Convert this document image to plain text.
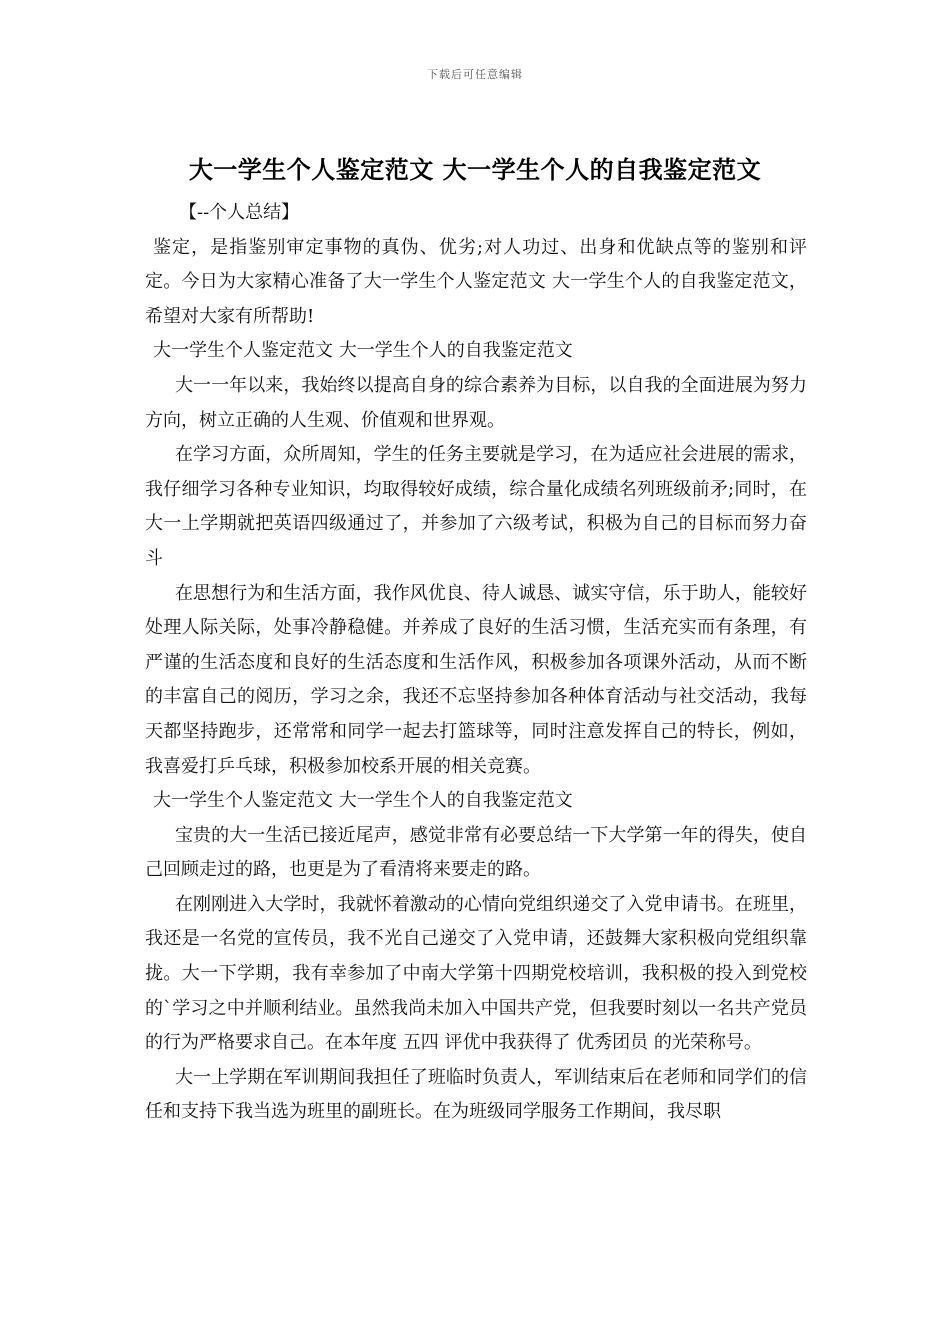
下载后可任意编辑
大一学生个人鉴定范文 大一学生个人的自我鉴定范文

【--个人总结】

鉴定，是指鉴别审定事物的真伪、优劣;对人功过、出身和优缺点等的鉴别和评定。今日为大家精心准备了大一学生个人鉴定范文 大一学生个人的自我鉴定范文，希望对大家有所帮助!

大一学生个人鉴定范文 大一学生个人的自我鉴定范文

大一一年以来，我始终以提高自身的综合素养为目标，以自我的全面进展为努力方向，树立正确的人生观、价值观和世界观。

在学习方面，众所周知，学生的任务主要就是学习，在为适应社会进展的需求，我仔细学习各种专业知识，均取得较好成绩，综合量化成绩名列班级前矛;同时，在大一上学期就把英语四级通过了，并参加了六级考试，积极为自己的目标而努力奋斗

在思想行为和生活方面，我作风优良、待人诚恳、诚实守信，乐于助人，能较好处理人际关际，处事冷静稳健。并养成了良好的生活习惯，生活充实而有条理，有严谨的生活态度和良好的生活态度和生活作风，积极参加各项课外活动，从而不断的丰富自己的阅历，学习之余，我还不忘坚持参加各种体育活动与社交活动，我每天都坚持跑步，还常常和同学一起去打篮球等，同时注意发挥自己的特长，例如，我喜爱打乒乓球，积极参加校系开展的相关竞赛。

大一学生个人鉴定范文 大一学生个人的自我鉴定范文

宝贵的大一生活已接近尾声，感觉非常有必要总结一下大学第一年的得失，使自己回顾走过的路，也更是为了看清将来要走的路。

在刚刚进入大学时，我就怀着激动的心情向党组织递交了入党申请书。在班里，我还是一名党的宣传员，我不光自己递交了入党申请，还鼓舞大家积极向党组织靠拢。大一下学期，我有幸参加了中南大学第十四期党校培训，我积极的投入到党校的`学习之中并顺利结业。虽然我尚未加入中国共产党，但我要时刻以一名共产党员的行为严格要求自己。在本年度 五四 评优中我获得了 优秀团员 的光荣称号。

大一上学期在军训期间我担任了班临时负责人，军训结束后在老师和同学们的信任和支持下我当选为班里的副班长。在为班级同学服务工作期间，我尽职
